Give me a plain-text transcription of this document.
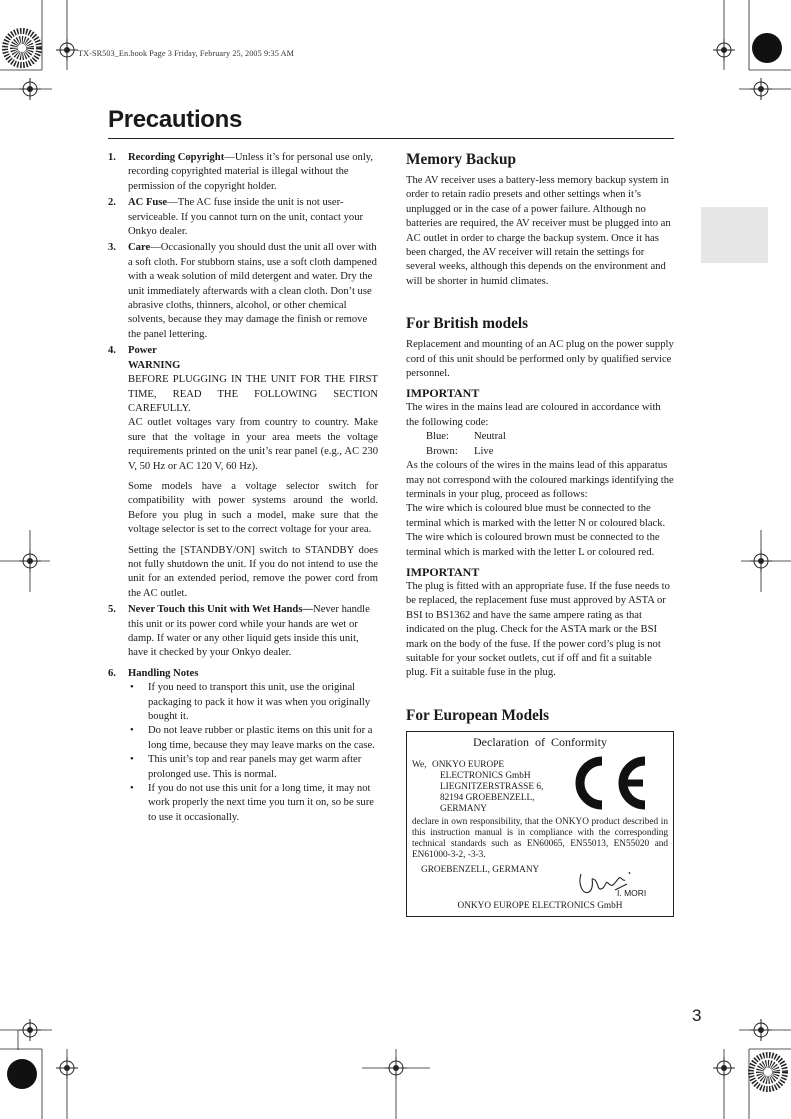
TX-SR503_En.book Page 3 Friday, February 25, 2005 9:35 AM
Precautions
3
1. Recording Copyright—Unless it’s for personal use only, recording copyrighted material is illegal without the permission of the copyright holder.
2. AC Fuse—The AC fuse inside the unit is not user-serviceable. If you cannot turn on the unit, contact your Onkyo dealer.
3. Care—Occasionally you should dust the unit all over with a soft cloth. For stubborn stains, use a soft cloth dampened with a weak solution of mild detergent and water. Dry the unit immediately afterwards with a clean cloth. Don’t use abrasive cloths, thinners, alcohol, or other chemical solvents, because they may damage the finish or remove the panel lettering.
4. Power
WARNING
BEFORE PLUGGING IN THE UNIT FOR THE FIRST TIME, READ THE FOLLOWING SECTION CAREFULLY.
AC outlet voltages vary from country to country. Make sure that the voltage in your area meets the voltage requirements printed on the unit’s rear panel (e.g., AC 230 V, 50 Hz or AC 120 V, 60 Hz).
Some models have a voltage selector switch for compatibility with power systems around the world. Before you plug in such a model, make sure that the voltage selector is set to the correct voltage for your area.
Setting the [STANDBY/ON] switch to STANDBY does not fully shutdown the unit. If you do not intend to use the unit for an extended period, remove the power cord from the AC outlet.
5. Never Touch this Unit with Wet Hands—Never handle this unit or its power cord while your hands are wet or damp. If water or any other liquid gets inside this unit, have it checked by your Onkyo dealer.
6. Handling Notes
• If you need to transport this unit, use the original packaging to pack it how it was when you originally bought it.
• Do not leave rubber or plastic items on this unit for a long time, because they may leave marks on the case.
• This unit’s top and rear panels may get warm after prolonged use. This is normal.
• If you do not use this unit for a long time, it may not work properly the next time you turn it on, so be sure to use it occasionally.
Memory Backup
The AV receiver uses a battery-less memory backup system in order to retain radio presets and other settings when it’s unplugged or in the case of a power failure. Although no batteries are required, the AV receiver must be plugged into an AC outlet in order to charge the backup system. Once it has been charged, the AV receiver will retain the settings for several weeks, although this depends on the environment and will be shorter in humid climates.
For British models
Replacement and mounting of an AC plug on the power supply cord of this unit should be performed only by qualified service personnel.
IMPORTANT
The wires in the mains lead are coloured in accordance with the following code:
Blue: Neutral
Brown: Live
As the colours of the wires in the mains lead of this apparatus may not correspond with the coloured markings identifying the terminals in your plug, proceed as follows:
The wire which is coloured blue must be connected to the terminal which is marked with the letter N or coloured black.
The wire which is coloured brown must be connected to the terminal which is marked with the letter L or coloured red.
IMPORTANT
The plug is fitted with an appropriate fuse. If the fuse needs to be replaced, the replacement fuse must approved by ASTA or BSI to BS1362 and have the same ampere rating as that indicated on the plug. Check for the ASTA mark or the BSI mark on the body of the fuse. If the power cord’s plug is not suitable for your socket outlets, cut if off and fit a suitable plug. Fit a suitable fuse in the plug.
For European Models
Declaration of Conformity
We, ONKYO EUROPE
ELECTRONICS GmbH
LIEGNITZERSTRASSE 6,
82194 GROEBENZELL,
GERMANY
declare in own responsibility, that the ONKYO product described in this instruction manual is in compliance with the corresponding technical standards such as EN60065, EN55013, EN55020 and EN61000-3-2, -3-3.
GROEBENZELL, GERMANY
I. MORI
ONKYO EUROPE ELECTRONICS GmbH
